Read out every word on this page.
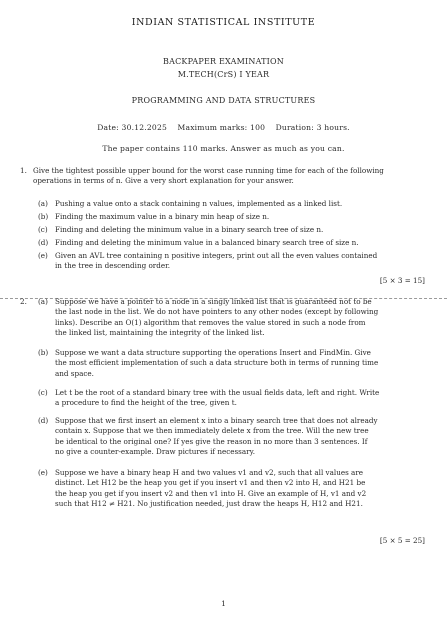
INDIAN STATISTICAL INSTITUTE
BACKPAPER EXAMINATION
M.TECH(CrS) I YEAR
PROGRAMMING AND DATA STRUCTURES
Date: 30.12.2025    Maximum marks: 100    Duration: 3 hours.
The paper contains 110 marks. Answer as much as you can.
1. Give the tightest possible upper bound for the worst case running time for each of the following
operations in terms of n. Give a very short explanation for your answer.
(a) Pushing a value onto a stack containing n values, implemented as a linked list.
(b) Finding the maximum value in a binary min heap of size n.
(c) Finding and deleting the minimum value in a binary search tree of size n.
(d) Finding and deleting the minimum value in a balanced binary search tree of size n.
(e) Given an AVL tree containing n positive integers, print out all the even values contained
in the tree in descending order.
[5 × 3 = 15]
2. (a) Suppose we have a pointer to a node in a singly linked list that is guaranteed not to be
the last node in the list. We do not have pointers to any other nodes (except by following
links). Describe an O(1) algorithm that removes the value stored in such a node from
the linked list, maintaining the integrity of the linked list.
(b) Suppose we want a data structure supporting the operations Insert and FindMin. Give
the most efficient implementation of such a data structure both in terms of running time
and space.
(c) Let t be the root of a standard binary tree with the usual fields data, left and right. Write
a procedure to find the height of the tree, given t.
(d) Suppose that we first insert an element x into a binary search tree that does not already
contain x. Suppose that we then immediately delete x from the tree. Will the new tree
be identical to the original one? If yes give the reason in no more than 3 sentences. If
no give a counter-example. Draw pictures if necessary.
(e) Suppose we have a binary heap H and two values v1 and v2, such that all values are
distinct. Let H12 be the heap you get if you insert v1 and then v2 into H, and H21 be
the heap you get if you insert v2 and then v1 into H. Give an example of H, v1 and v2
such that H12 ≠ H21. No justification needed, just draw the heaps H, H12 and H21.
[5 × 5 = 25]
1
